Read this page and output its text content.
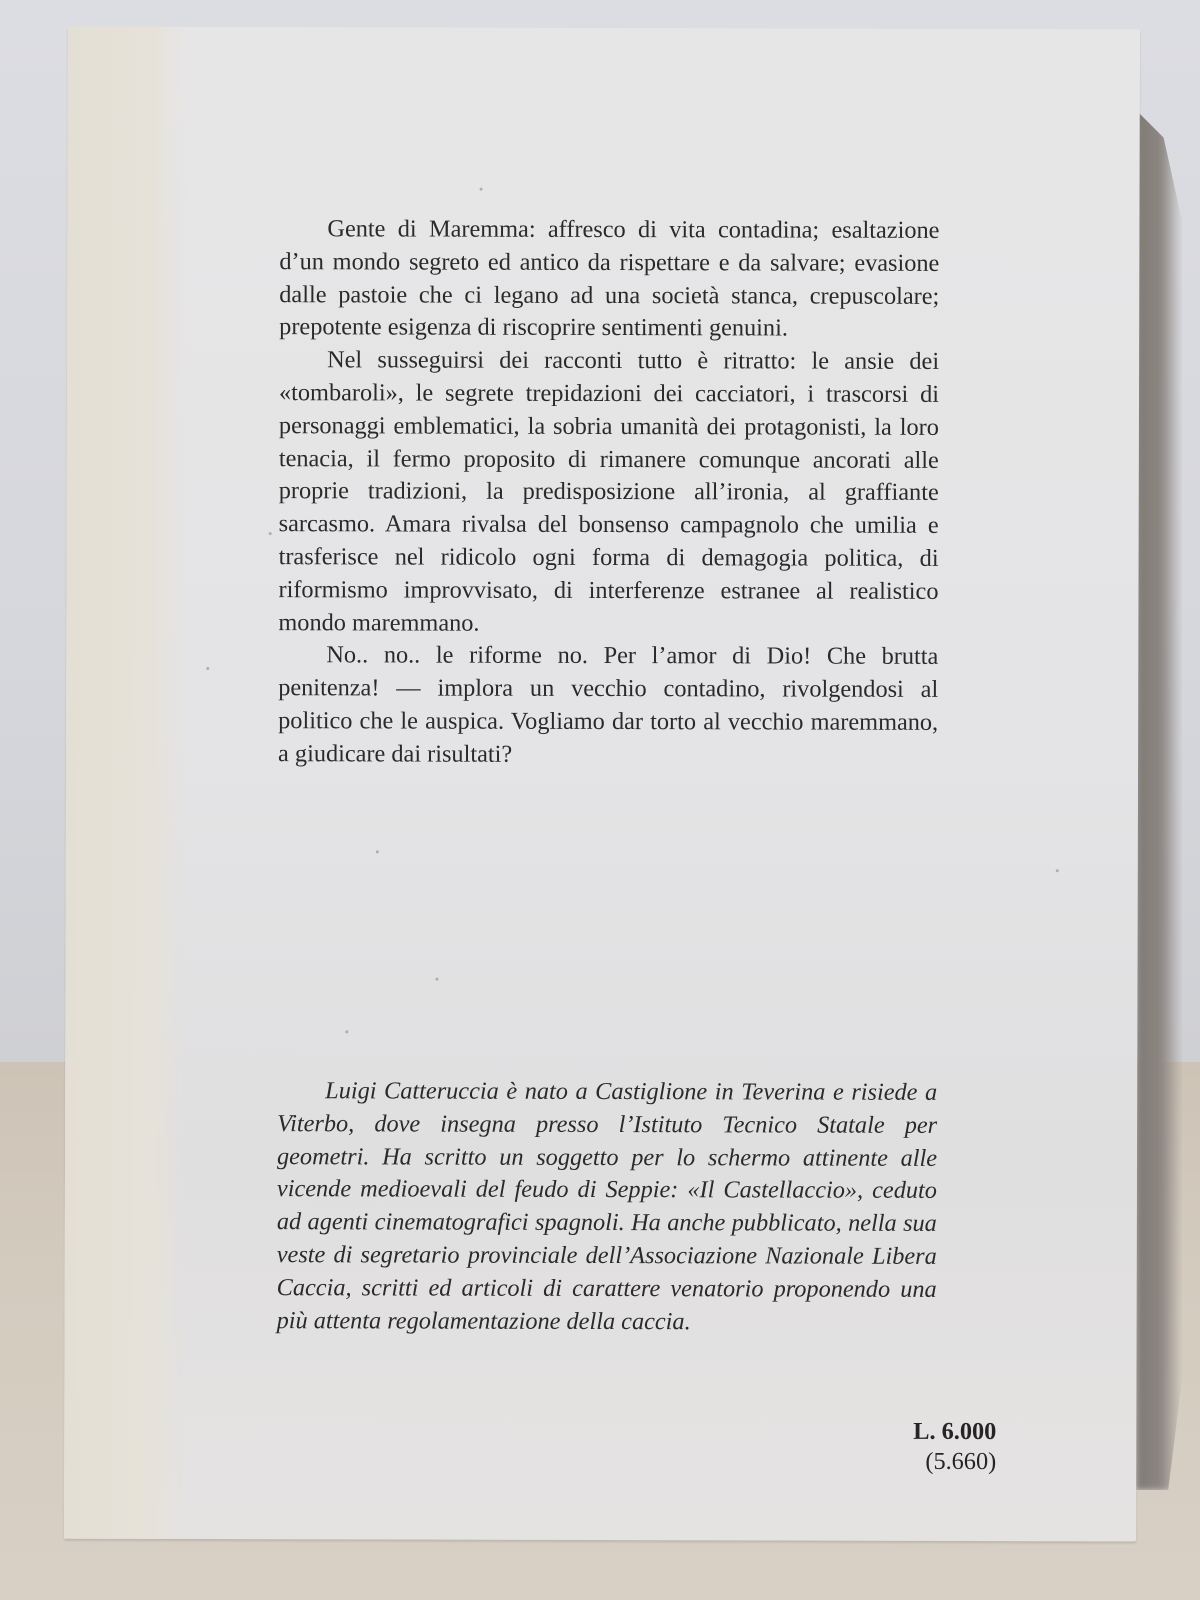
Gente di Maremma: affresco di vita contadina; esaltazione d’un mondo segreto ed antico da rispettare e da salvare; evasione dalle pastoie che ci legano ad una società stanca, crepuscolare; prepotente esigenza di riscoprire sentimenti genuini.

Nel susseguirsi dei racconti tutto è ritratto: le ansie dei «tombaroli», le segrete trepidazioni dei cacciatori, i trascorsi di personaggi emblematici, la sobria umanità dei protagonisti, la loro tenacia, il fermo proposito di rimanere comunque ancorati alle proprie tradizioni, la predisposizione all’ironia, al graffiante sarcasmo. Amara rivalsa del bonsenso campagnolo che umilia e trasferisce nel ridicolo ogni forma di demagogia politica, di riformismo improvvisato, di interferenze estranee al realistico mondo maremmano.

No.. no.. le riforme no. Per l’amor di Dio! Che brutta penitenza! — implora un vecchio contadino, rivolgendosi al politico che le auspica. Vogliamo dar torto al vecchio maremmano, a giudicare dai risultati?

Luigi Catteruccia è nato a Castiglione in Teverina e risiede a Viterbo, dove insegna presso l’Istituto Tecnico Statale per geometri. Ha scritto un soggetto per lo schermo attinente alle vicende medioevali del feudo di Seppie: «Il Castellaccio», ceduto ad agenti cinematografici spagnoli. Ha anche pubblicato, nella sua veste di segretario provinciale dell’Associazione Nazionale Libera Caccia, scritti ed articoli di carattere venatorio proponendo una più attenta regolamentazione della caccia.

L. 6.000
(5.660)
